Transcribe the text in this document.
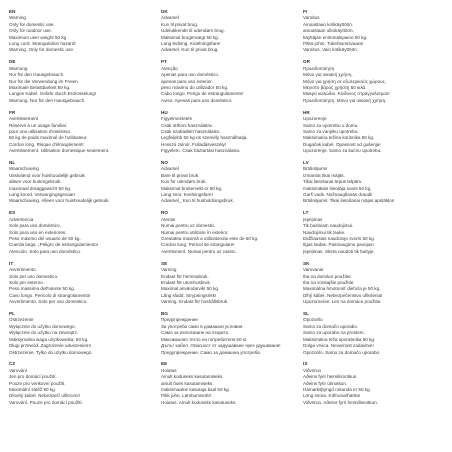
EN
Warning
Only for domestic use.
Only for outdoor use.
Maximum user weight 50 kg.
Long cord. Strangulation hazard!
Warning. Only for domestic use.
DE
Warnung
Nur für den Hausgebrauch.
Nur für die Verwendung im Freien.
Maximale Belastbarkeit 50 kg.
Langes Kabel. Gefahr durch Erdrosselung!
Warnung. Nur für den Hausgebrauch.
FR
Avertissement
Réservé à un usage familial.
pour une utilisation d'extérieur.
50 kg de poids maximal de l'utilisateur.
Cordon long. Risque d'étranglement!
Avertissement. Utilisation domestique seulement.
NL
Waarschuwing
Uitsluitend voor huishoudelijk gebruik
alleen voor buitengebruik.
maximaal draaggewicht 50 kg.
Lang koord. Verwurgingsgevaar!
Waarschuwing. Alleen voor huishoudelijk gebruik.
ES
Advertencia
Solo para uso doméstico.
Solo para uso en exteriores.
Peso máximo del usuario de 50 kg.
Cuerda larga. ¡Peligro de estrangulamiento!
Atención. Solo para uso doméstico.
IT
Avvertimento
Solo per uso domestico.
Solo per esterno.
Peso massimo dell'utente 50 kg.
Cavo lungo. Pericolo di strangolamento!
Avvertimento. Solo per uso domestico.
PL
Ostrzeżenie
Wyłącznie do użytku domowego.
Wyłącznie do użytku na zewnątrz.
Maksymalna waga użytkownika: 50 kg.
Długi przewód. Zagrożenie uduszeniem!
Ostrzeżenie. Tylko do użytku domowego.
CZ
Varování
Jen pro domácí použití.
Pouze pro venkovní použití.
Maximální zátěž 50 kg.
Dlouhý kabel. Nebezpečí uškrcení!
Varování. Pouze pro domácí použití.
DK
Advarsel
Kun til privat brug.
Udelukkende til udendørs brug.
Maksimal brugervægt 50 kg.
Lang ledning. Kvælningsfare!
Advarsel. Kun til privat brug.
PT
Atenção
Apenas para uso doméstico.
apenas para uso exterior.
peso máximo do utilizador 50 kg.
Cabo longo. Perigo de estrangulamento!
Aviso. Apenas para uso doméstico.
HU
Figyelmeztetés
Csak otthoni használatra.
Csak szabadtéri használatra.
Legfeljebb 50 kg-os személy használhatja.
Hosszú zsinór. Fulladásveszély!
Figyelem. Csak háztartási használatra.
NO
Advarsel
Bare til privat bruk.
Kun for utendørs bruk.
Maksimal brukervekt er 50 kg.
Lang snor. Kvelningsfare!
Advarsel_ Kun til husholdningsbruk.
RO
Atenție
Numai pentru uz domestic.
Numai pentru utilizare în exterior.
Greutatea maximă a utilizatorului este de 50 kg.
Cordon lung. Pericol de strangulare!
Avertisment. Numai pentru uz casnic.
SE
Varning
Endast för hemmabruk.
Endast för utomhusbruk.
Maximal användarvikt 50 kg.
Lång sladd. Strypningsrisk!
Varning. Endast för hushållsbruk.
BG
Предупреждение
За употреба само в домашни условия.
Само за използване на открито.
Максимално тегло на потребителя 50 кг.
Дълъг кабел. Опасност от задушаване чрез удушаване!
Предупреждение. Само за домашна употреба.
EE
Hoiatus
Ainult koduseks kasutamiseks.
ainult õues kasutamiseks.
maksimaalne kasutaja kaal 50 kg.
Pikk juhe. Lämbumisoht!
Hoiatus. Ainult koduseks kasutuseks.
FI
Varoitus
Ainoastaan kotikäyttöön.
ainoastaan ulkokäyttöön.
käyttäjän enimmäispaino 50 kg.
Pitkä johto. Tukehtumisvaara!
Varoitus. Vain kotikäyttöön.
GR
Προειδοποίηση
Μόνο για οικιακή χρήση.
Μόνο για χρήση σε εξωτερικούς χώρους.
Μέγιστο βάρος χρήστη 50 κιλά.
Μακρύ καλώδιο. Κίνδυνος στραγγαλισμού!
Προειδοποίηση. Μόνο για οικιακή χρήση.
HR
Upozorenje
Samo za upotrebu u domu.
Samo za vanjsku upotrebu.
Maksimalna težina korisnika 50 kg.
Dugačak kabel. Opasnost od gušenja!
Upozorenje. Samo za kućnu upotrebu.
LV
Brīdinājums
Izmantot tikai mājās.
Tikai lietošanai ārpus telpām.
maksimālais lietotāja svars 50 kg.
Garš vads. Nožņaugšanās draudi!
Brīdinājums. Tikai lietošanai mājas apstākļos
LT
Įspėjimas
Tik buitiniam naudojimui.
Naudojimui tik lauke.
Didžiausias naudotojo svoris 50 kg.
Ilgas laidas. Pasmaugimo pavojus!
Įspėjimas. Skirta naudoti tik buityje.
SK
Varovanie
Iba na domáce použitie.
Iba na vonkajšie použitie.
Maximálna hmotnosť dieťaťa je 50 kg.
Dlhý kábel. Nebezpečenstvo uškrtenia!
Upozornenie: Len na domáce použitie.
SL
Opozorilo
Samo za domačo uporabo.
Samo za uporabo na prostem.
Maksimalna teža uporabnika 50 kg.
Dolga vrvica. Nevarnost zadavitve!
Opozorilo. Samo za domačo uporabo.
IS
Viðvörun
Aðeins fyrir heimilisnotkun.
Aðeins fyrir útinotkun.
Hámarksþyngd notanda er 50 kg.
Löng snúra. Köfnunarhætta!
Viðvörun. Aðeins fyrir heimilisnotkun.
